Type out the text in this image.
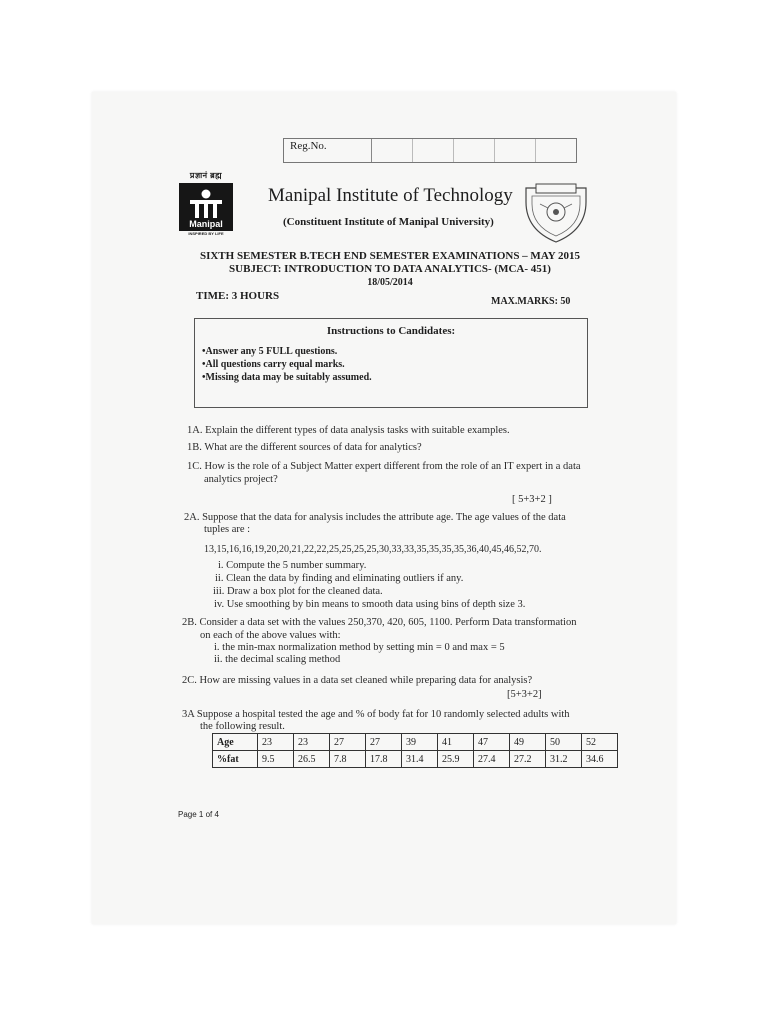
Reg.No.
प्रज्ञानं ब्रह्म
Manipal
INSPIRED BY LIFE
Manipal Institute of Technology
(Constituent Institute of Manipal University)
SIXTH SEMESTER B.TECH END SEMESTER EXAMINATIONS – MAY 2015
SUBJECT: INTRODUCTION TO DATA ANALYTICS- (MCA- 451)
18/05/2014
TIME: 3 HOURS	MAX.MARKS: 50
Instructions to Candidates:
•Answer any 5 FULL questions.
•All questions carry equal marks.
•Missing data may be suitably assumed.
1A. Explain the different types of data analysis tasks with suitable examples.
1B. What are the different sources of data for analytics?
1C. How is the role of a Subject Matter expert different from the role of an IT expert in a data
analytics project?
[ 5+3+2 ]
2A. Suppose that the data for analysis includes the attribute age. The age values of the data
tuples are :
13,15,16,16,19,20,20,21,22,22,25,25,25,25,30,33,33,35,35,35,35,36,40,45,46,52,70.
i. Compute the 5 number summary.
ii. Clean the data by finding and eliminating outliers if any.
iii. Draw a box plot for the cleaned data.
iv. Use smoothing by bin means to smooth data using bins of depth size 3.
2B. Consider a data set with the values 250,370, 420, 605, 1100. Perform Data transformation
on each of the above values with:
i. the min-max normalization method by setting min = 0 and max = 5
ii. the decimal scaling method
2C. How are missing values in a data set cleaned while preparing data for analysis?
[5+3+2]
3A Suppose a hospital tested the age and % of body fat for 10 randomly selected adults with
the following result.
Age	23	23	27	27	39	41	47	49	50	52
%fat	9.5	26.5	7.8	17.8	31.4	25.9	27.4	27.2	31.2	34.6
Page 1 of 4
